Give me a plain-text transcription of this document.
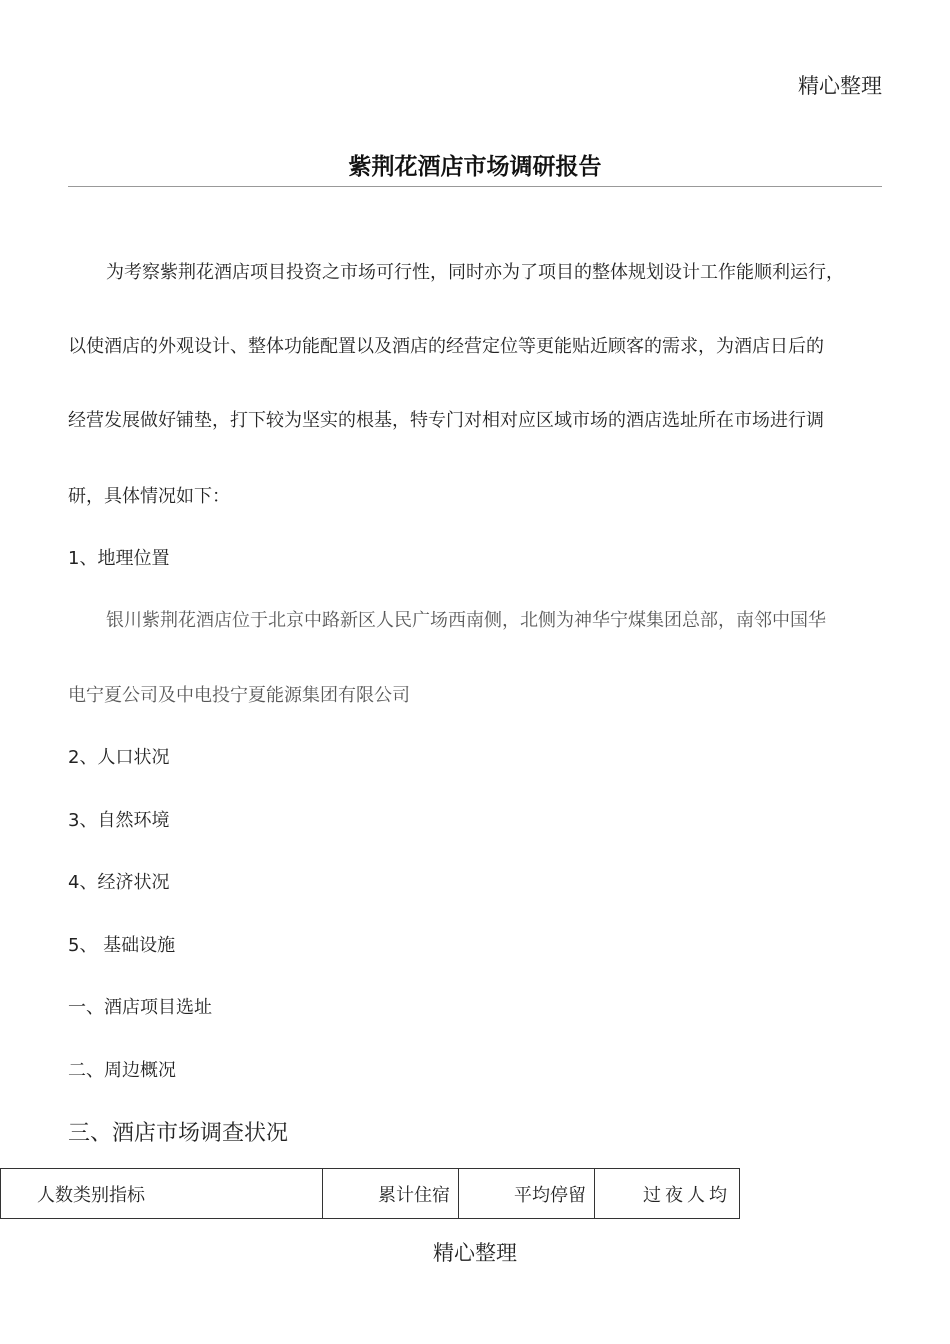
精心整理
紫荆花酒店市场调研报告
为考察紫荆花酒店项目投资之市场可行性，同时亦为了项目的整体规划设计工作能顺利运行，
以使酒店的外观设计、整体功能配置以及酒店的经营定位等更能贴近顾客的需求，为酒店日后的
经营发展做好铺垫，打下较为坚实的根基，特专门对相对应区域市场的酒店选址所在市场进行调
研，具体情况如下：
1、地理位置
银川紫荆花酒店位于北京中路新区人民广场西南侧，北侧为神华宁煤集团总部，南邻中国华
电宁夏公司及中电投宁夏能源集团有限公司
2、人口状况
3、自然环境
4、经济状况
5、 基础设施
一、酒店项目选址
二、周边概况
三、酒店市场调查状况
人数类别指标	累计住宿	平均停留	过夜人均
精心整理
